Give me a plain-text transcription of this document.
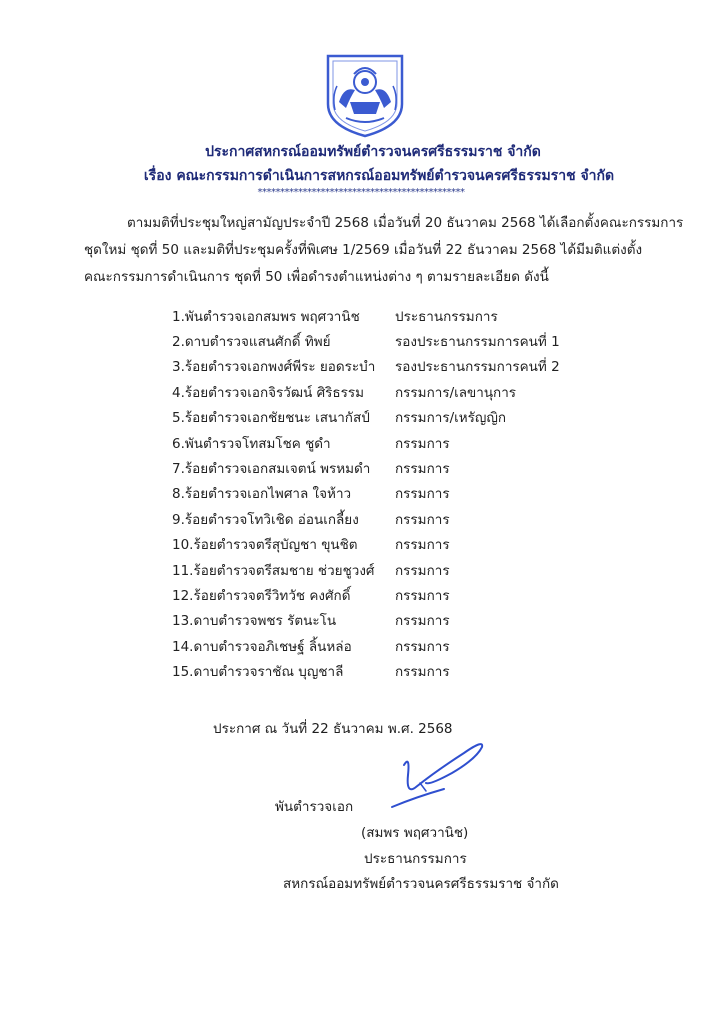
ประกาศสหกรณ์ออมทรัพย์ตำรวจนครศรีธรรมราช จำกัด
เรื่อง คณะกรรมการดำเนินการสหกรณ์ออมทรัพย์ตำรวจนครศรีธรรมราช จำกัด
**********************************************
ตามมติที่ประชุมใหญ่สามัญประจำปี 2568 เมื่อวันที่ 20 ธันวาคม 2568 ได้เลือกตั้งคณะกรรมการ
ชุดใหม่ ชุดที่ 50 และมติที่ประชุมครั้งที่พิเศษ 1/2569 เมื่อวันที่ 22 ธันวาคม 2568 ได้มีมติแต่งตั้ง
คณะกรรมการดำเนินการ ชุดที่ 50 เพื่อดำรงตำแหน่งต่าง ๆ ตามรายละเอียด ดังนี้
1.พันตำรวจเอกสมพร พฤศวานิช	ประธานกรรมการ
2.ดาบตำรวจแสนศักดิ์ ทิพย์	รองประธานกรรมการคนที่ 1
3.ร้อยตำรวจเอกพงศ์พีระ ยอดระบำ	รองประธานกรรมการคนที่ 2
4.ร้อยตำรวจเอกจิรวัฒน์ ศิริธรรม	กรรมการ/เลขานุการ
5.ร้อยตำรวจเอกชัยชนะ เสนากัสป์	กรรมการ/เหรัญญิก
6.พันตำรวจโทสมโชค ชูดำ	กรรมการ
7.ร้อยตำรวจเอกสมเจตน์ พรหมดำ	กรรมการ
8.ร้อยตำรวจเอกไพศาล ใจห้าว	กรรมการ
9.ร้อยตำรวจโทวิเชิด อ่อนเกลี้ยง	กรรมการ
10.ร้อยตำรวจตรีสุบัญชา ขุนชิต	กรรมการ
11.ร้อยตำรวจตรีสมชาย ช่วยชูวงศ์	กรรมการ
12.ร้อยตำรวจตรีวิทวัช คงศักดิ์	กรรมการ
13.ดาบตำรวจพชร รัตนะโน	กรรมการ
14.ดาบตำรวจอภิเชษฐ์ ลิ้นหล่อ	กรรมการ
15.ดาบตำรวจราชัณ บุญชาลี	กรรมการ
ประกาศ ณ วันที่ 22 ธันวาคม พ.ศ. 2568
พันตำรวจเอก
(สมพร พฤศวานิช)
ประธานกรรมการ
สหกรณ์ออมทรัพย์ตำรวจนครศรีธรรมราช จำกัด
